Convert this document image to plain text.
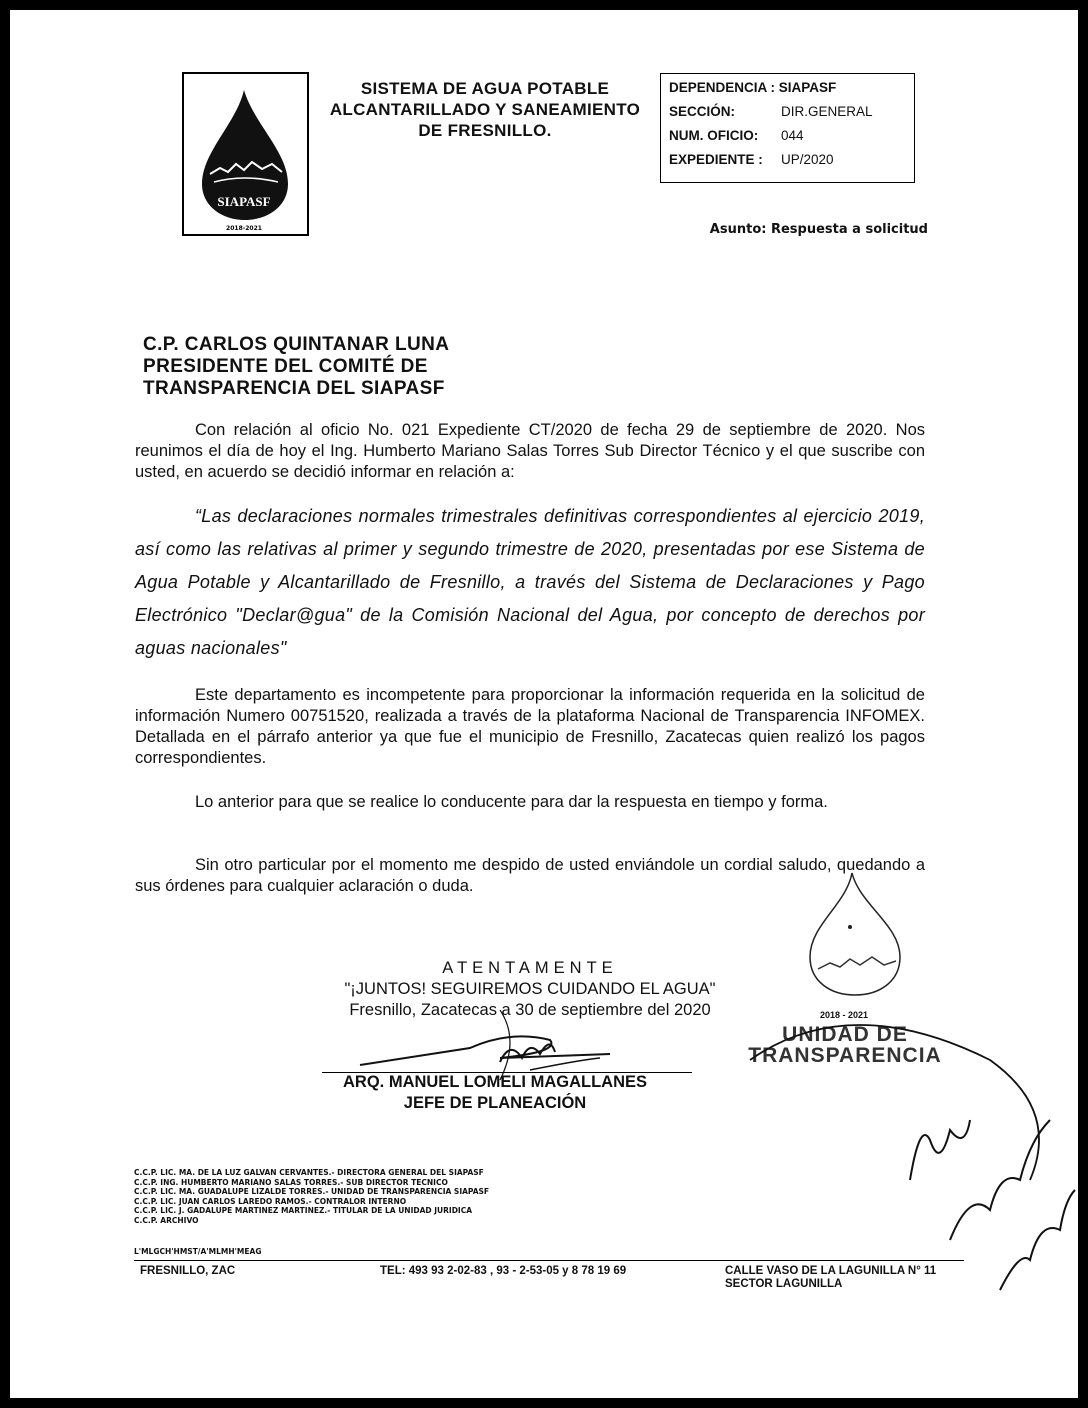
SIAPASF
2018-2021
SISTEMA DE AGUA POTABLE
ALCANTARILLADO Y SANEAMIENTO
DE FRESNILLO.
DEPENDENCIA : SIAPASF
SECCIÓN:	DIR.GENERAL
NUM. OFICIO:	044
EXPEDIENTE :	UP/2020
Asunto: Respuesta a solicitud
C.P. CARLOS QUINTANAR LUNA
PRESIDENTE DEL COMITÉ DE
TRANSPARENCIA DEL SIAPASF

Con relación al oficio No. 021 Expediente CT/2020 de fecha 29 de septiembre de 2020. Nos reunimos el día de hoy el Ing. Humberto Mariano Salas Torres Sub Director Técnico y el que suscribe con usted, en acuerdo se decidió informar en relación a:

“Las declaraciones normales trimestrales definitivas correspondientes al ejercicio 2019, así como las relativas al primer y segundo trimestre de 2020, presentadas por ese Sistema de Agua Potable y Alcantarillado de Fresnillo, a través del Sistema de Declaraciones y Pago Electrónico "Declar@gua" de la Comisión Nacional del Agua, por concepto de derechos por aguas nacionales"

Este departamento es incompetente para proporcionar la información requerida en la solicitud de información Numero 00751520, realizada a través de la plataforma Nacional de Transparencia INFOMEX. Detallada en el párrafo anterior ya que fue el municipio de Fresnillo, Zacatecas quien realizó los pagos correspondientes.

Lo anterior para que se realice lo conducente para dar la respuesta en tiempo y forma.

Sin otro particular por el momento me despido de usted enviándole un cordial saludo, quedando a sus órdenes para cualquier aclaración o duda.

ATENTAMENTE
"¡JUNTOS! SEGUIREMOS CUIDANDO EL AGUA"
Fresnillo, Zacatecas a 30 de septiembre del 2020
ARQ. MANUEL LOMELI MAGALLANES
JEFE DE PLANEACIÓN
2018 - 2021
UNIDAD DE
TRANSPARENCIA
C.C.P. LIC. MA. DE LA LUZ GALVAN CERVANTES.- DIRECTORA GENERAL DEL SIAPASF
C.C.P. ING. HUMBERTO MARIANO SALAS TORRES.- SUB DIRECTOR TECNICO
C.C.P. LIC. MA. GUADALUPE LIZALDE TORRES.- UNIDAD DE TRANSPARENCIA SIAPASF
C.C.P. LIC. JUAN CARLOS LAREDO RAMOS.- CONTRALOR INTERNO
C.C.P. LIC. J. GADALUPE MARTINEZ MARTINEZ.- TITULAR DE LA UNIDAD JURIDICA
C.C.P. ARCHIVO
L'MLGCH'HMST/A'MLMH'MEAG
FRESNILLO, ZAC	TEL: 493 93 2-02-83 , 93 - 2-53-05 y 8 78 19 69	CALLE VASO DE LA LAGUNILLA N° 11
SECTOR LAGUNILLA
